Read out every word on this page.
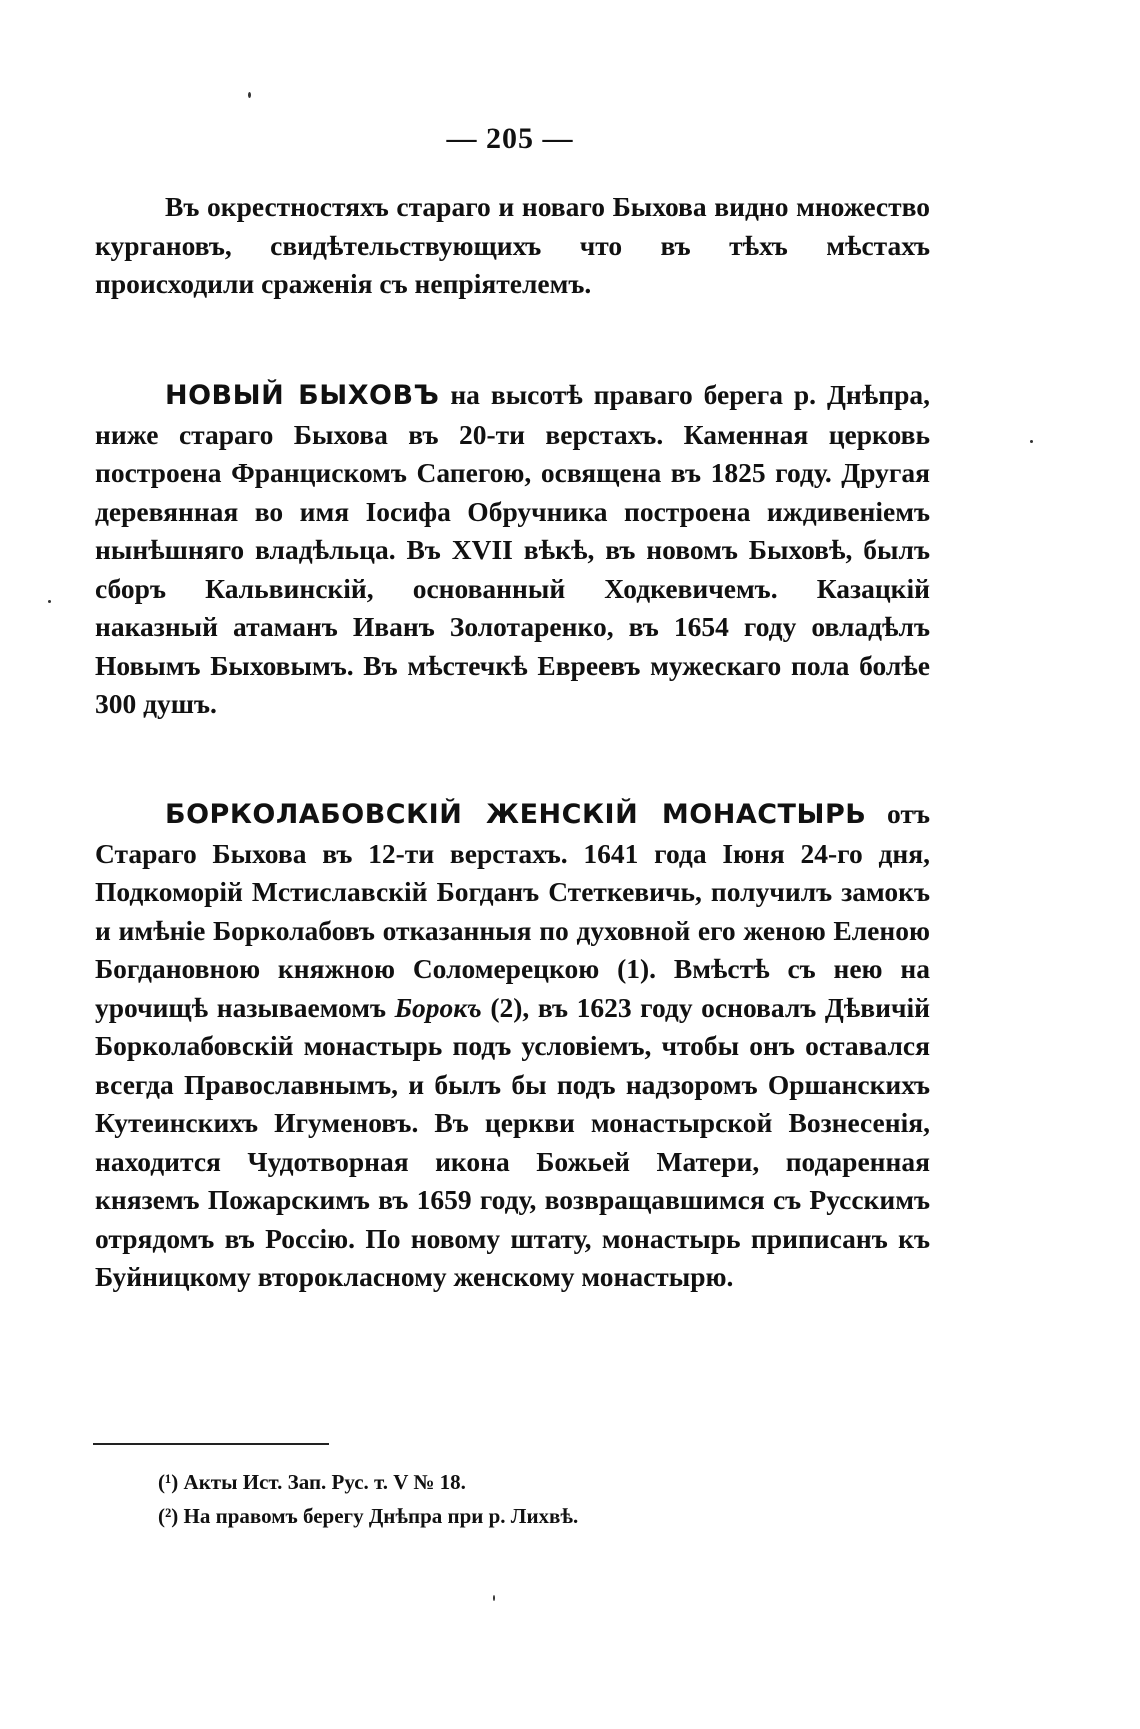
— 205 —

Въ окрестностяхъ стараго и новаго Быхова видно множество кургановъ, свидѣтельствующихъ что въ тѣхъ мѣстахъ происходили сраженія съ непріятелемъ.

НОВЫЙ БЫХОВЪ на высотѣ праваго берега р. Днѣпра, ниже стараго Быхова въ 20-ти верстахъ. Каменная церковь построена Францискомъ Сапегою, освящена въ 1825 году. Другая деревянная во имя Іосифа Обручника построена иждивеніемъ нынѣшняго владѣльца. Въ XVII вѣкѣ, въ новомъ Быховѣ, былъ сборъ Кальвинскій, основанный Ходкевичемъ. Казацкій наказный атаманъ Иванъ Золотаренко, въ 1654 году овладѣлъ Новымъ Быховымъ. Въ мѣстечкѣ Евреевъ мужескаго пола болѣе 300 душъ.

БОРКОЛАБОВСКІЙ ЖЕНСКІЙ МОНАСТЫРЬ отъ Стараго Быхова въ 12-ти верстахъ. 1641 года Іюня 24-го дня, Подкоморій Мстиславскій Богданъ Стеткевичь, получилъ замокъ и имѣніе Борколабовъ отказанныя по духовной его женою Еленою Богдановною княжною Соломерецкою (1). Вмѣстѣ съ нею на урочищѣ называемомъ Борокъ (2), въ 1623 году основалъ Дѣвичій Борколабовскій монастырь подъ условіемъ, чтобы онъ оставался всегда Православнымъ, и былъ бы подъ надзоромъ Оршанскихъ Кутеинскихъ Игуменовъ. Въ церкви монастырской Вознесенія, находится Чудотворная икона Божьей Матери, подаренная княземъ Пожарскимъ въ 1659 году, возвращавшимся съ Русскимъ отрядомъ въ Россію. По новому штату, монастырь приписанъ къ Буйницкому второкласному женскому монастырю.

(¹) Акты Ист. Зап. Рус. т. V № 18.

(²) На правомъ берегу Днѣпра при р. Лихвѣ.
